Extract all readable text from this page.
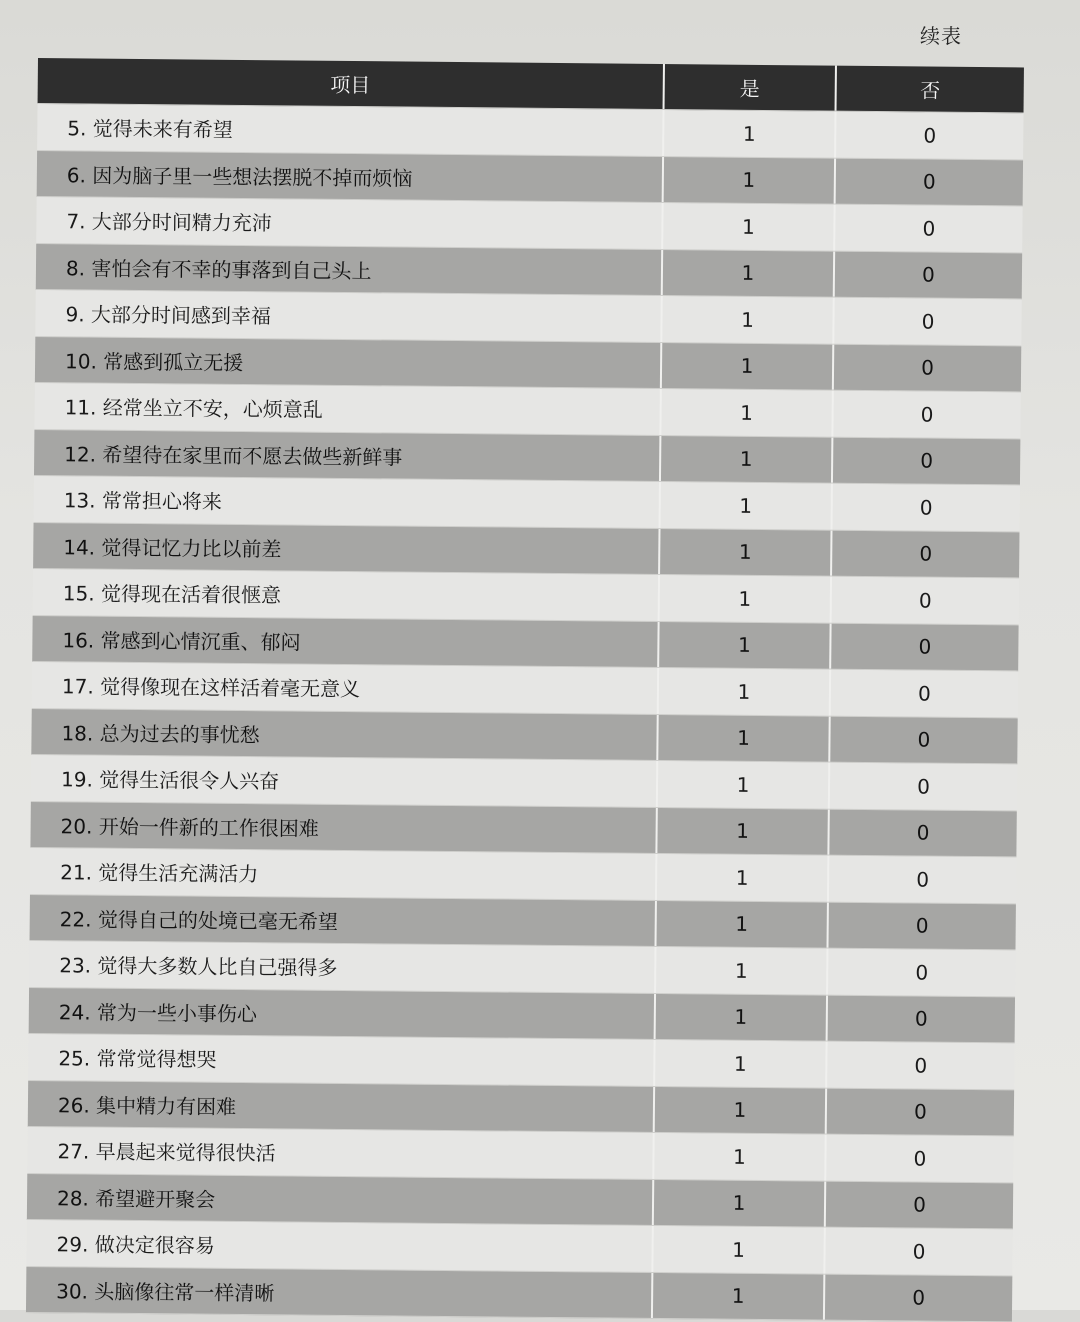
续表
项目	是	否
5. 觉得未来有希望	1	0
6. 因为脑子里一些想法摆脱不掉而烦恼	1	0
7. 大部分时间精力充沛	1	0
8. 害怕会有不幸的事落到自己头上	1	0
9. 大部分时间感到幸福	1	0
10. 常感到孤立无援	1	0
11. 经常坐立不安，心烦意乱	1	0
12. 希望待在家里而不愿去做些新鲜事	1	0
13. 常常担心将来	1	0
14. 觉得记忆力比以前差	1	0
15. 觉得现在活着很惬意	1	0
16. 常感到心情沉重、郁闷	1	0
17. 觉得像现在这样活着毫无意义	1	0
18. 总为过去的事忧愁	1	0
19. 觉得生活很令人兴奋	1	0
20. 开始一件新的工作很困难	1	0
21. 觉得生活充满活力	1	0
22. 觉得自己的处境已毫无希望	1	0
23. 觉得大多数人比自己强得多	1	0
24. 常为一些小事伤心	1	0
25. 常常觉得想哭	1	0
26. 集中精力有困难	1	0
27. 早晨起来觉得很快活	1	0
28. 希望避开聚会	1	0
29. 做决定很容易	1	0
30. 头脑像往常一样清晰	1	0
